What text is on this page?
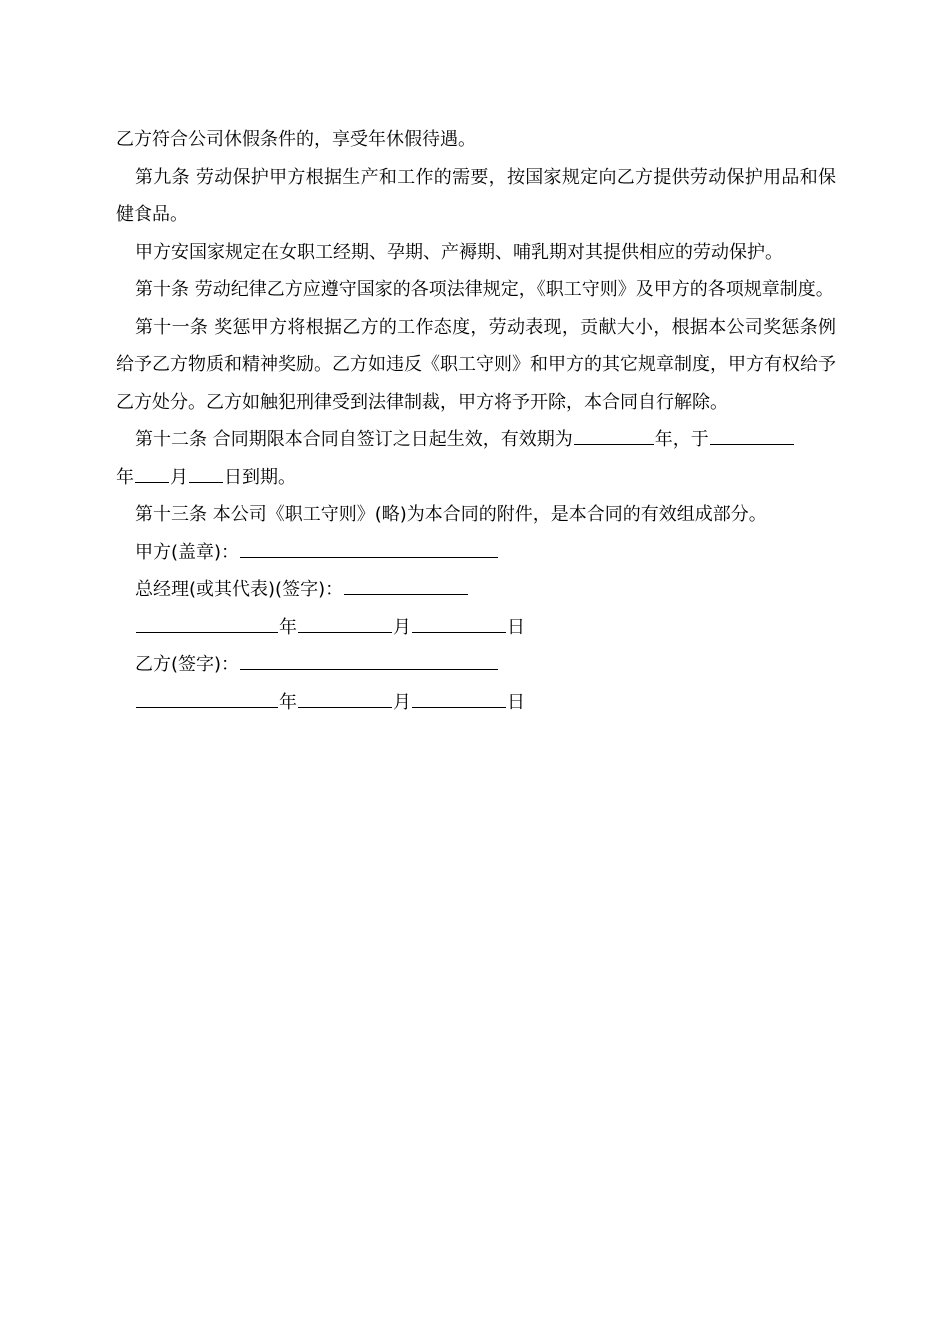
乙方符合公司休假条件的，享受年休假待遇。

第九条 劳动保护甲方根据生产和工作的需要，按国家规定向乙方提供劳动保护用品和保健食品。

甲方安国家规定在女职工经期、孕期、产褥期、哺乳期对其提供相应的劳动保护。

第十条 劳动纪律乙方应遵守国家的各项法律规定，《职工守则》及甲方的各项规章制度。

第十一条 奖惩甲方将根据乙方的工作态度，劳动表现，贡献大小，根据本公司奖惩条例给予乙方物质和精神奖励。乙方如违反《职工守则》和甲方的其它规章制度，甲方有权给予乙方处分。乙方如触犯刑律受到法律制裁，甲方将予开除，本合同自行解除。

第十二条 合同期限本合同自签订之日起生效，有效期为	年，于
年 月 日到期。

第十三条 本公司《职工守则》(略)为本合同的附件，是本合同的有效组成部分。

甲方(盖章)：
总经理(或其代表)(签字)：
年	月	日
乙方(签字)：
年	月	日
